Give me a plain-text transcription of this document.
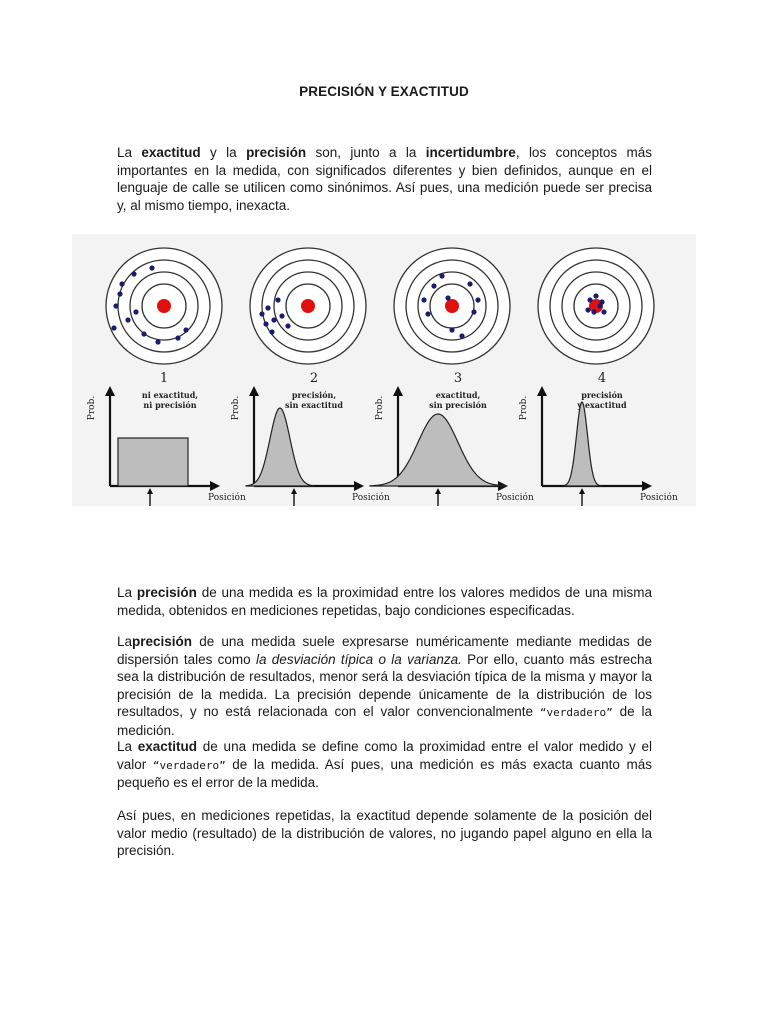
PRECISIÓN Y EXACTITUD
La exactitud y la precisión son, junto a la incertidumbre, los conceptos más importantes en la medida, con significados diferentes y bien definidos, aunque en el lenguaje de calle se utilicen como sinónimos. Así pues, una medición puede ser precisa y, al mismo tiempo, inexacta.
1
Prob.
Posición
ni exactitud,
ni precisión
2
Prob.
Posición
precisión,
sin exactitud
3
Prob.
Posición
exactitud,
sin precisión
4
Prob.
Posición
precisión
y exactitud
La precisión de una medida es la proximidad entre los valores medidos de una misma medida, obtenidos en mediciones repetidas, bajo condiciones especificadas.
Laprecisión de una medida suele expresarse numéricamente mediante medidas de dispersión tales como la desviación típica o la varianza. Por ello, cuanto más estrecha sea la distribución de resultados, menor será la desviación típica de la misma y mayor la precisión de la medida. La precisión depende únicamente de la distribución de los resultados, y no está relacionada con el valor convencionalmente “verdadero” de la medición.
La exactitud de una medida se define como la proximidad entre el valor medido y el valor “verdadero” de la medida. Así pues, una medición es más exacta cuanto más pequeño es el error de la medida.
Así pues, en mediciones repetidas, la exactitud depende solamente de la posición del valor medio (resultado) de la distribución de valores, no jugando papel alguno en ella la precisión.
